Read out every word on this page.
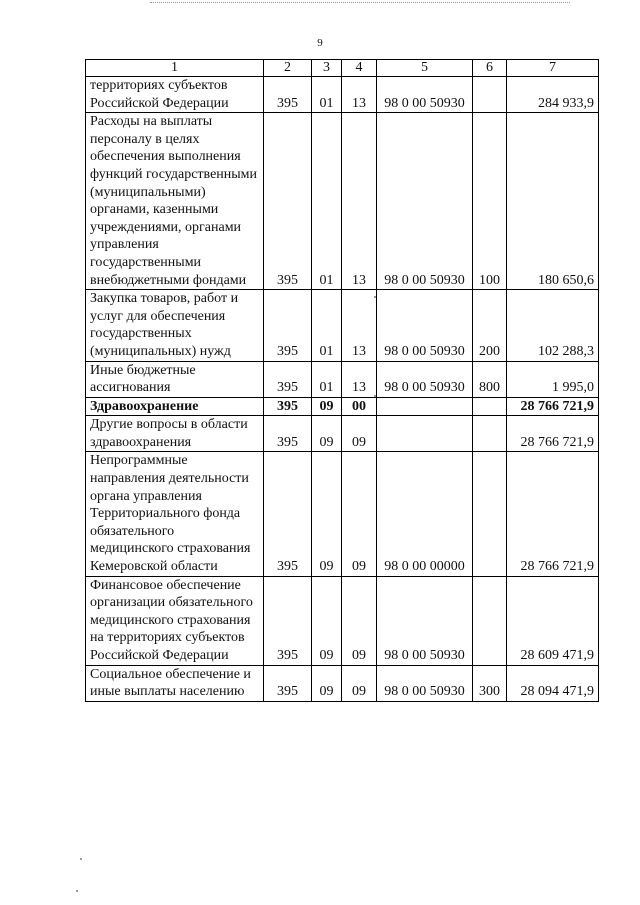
9
1	2	3	4	5	6	7
территориях субъектов Российской Федерации	395	01	13	98 0 00 50930		284 933,9
Расходы на выплаты персоналу в целях обеспечения выполнения функций государственными (муниципальными) органами, казенными учреждениями, органами управления государственными внебюджетными фондами	395	01	13	98 0 00 50930	100	180 650,6
Закупка товаров, работ и услуг для обеспечения государственных (муниципальных) нужд	395	01	13	98 0 00 50930	200	102 288,3
Иные бюджетные ассигнования	395	01	13	98 0 00 50930	800	1 995,0
Здравоохранение	395	09	00			28 766 721,9
Другие вопросы в области здравоохранения	395	09	09			28 766 721,9
Непрограммные направления деятельности органа управления Территориального фонда обязательного медицинского страхования Кемеровской области	395	09	09	98 0 00 00000		28 766 721,9
Финансовое обеспечение организации обязательного медицинского страхования на территориях субъектов Российской Федерации	395	09	09	98 0 00 50930		28 609 471,9
Социальное обеспечение и иные выплаты населению	395	09	09	98 0 00 50930	300	28 094 471,9
